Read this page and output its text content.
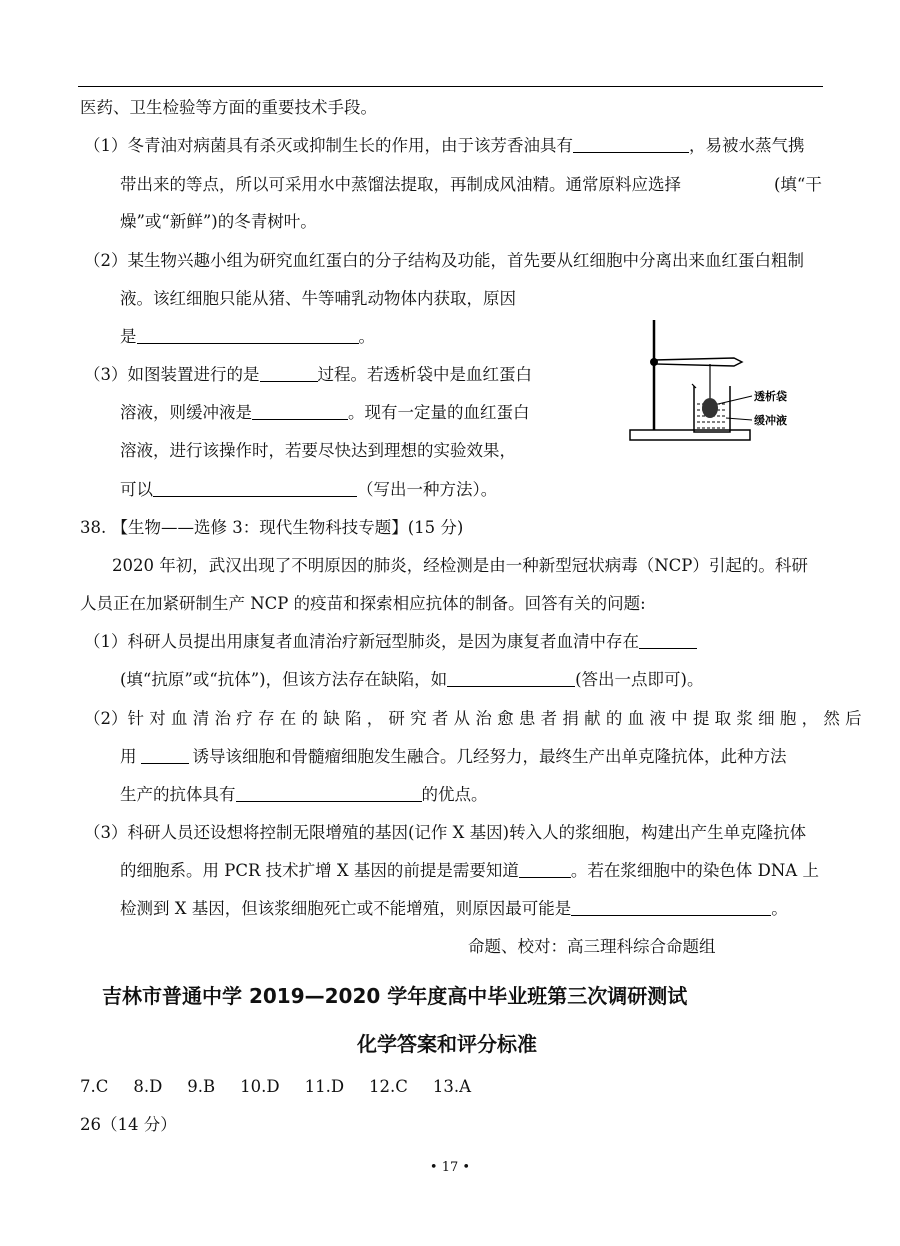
医药、卫生检验等方面的重要技术手段。
（1）冬青油对病菌具有杀灭或抑制生长的作用，由于该芳香油具有	，易被水蒸气携
带出来的等点，所以可采用水中蒸馏法提取，再制成风油精。通常原料应选择	(填“干
燥”或“新鲜”)的冬青树叶。
（2）某生物兴趣小组为研究血红蛋白的分子结构及功能，首先要从红细胞中分离出来血红蛋白粗制
液。该红细胞只能从猪、牛等哺乳动物体内获取，原因
是	。
（3）如图装置进行的是	过程。若透析袋中是血红蛋白
溶液，则缓冲液是	。现有一定量的血红蛋白
溶液，进行该操作时，若要尽快达到理想的实验效果，
可以	（写出一种方法）。
透析袋
缓冲液
38. 【生物——选修 3：现代生物科技专题】(15 分)
2020 年初，武汉出现了不明原因的肺炎，经检测是由一种新型冠状病毒（NCP）引起的。科研
人员正在加紧研制生产 NCP 的疫苗和探索相应抗体的制备。回答有关的问题:
（1）科研人员提出用康复者血清治疗新冠型肺炎，是因为康复者血清中存在
(填“抗原”或“抗体”)，但该方法存在缺陷，如	(答出一点即可)。
（2）针 对 血 清 治 疗 存 在 的 缺 陷 ， 研 究 者 从 治 愈 患 者 捐 献 的 血 液 中 提 取 浆 细 胞 ， 然 后
用	诱导该细胞和骨髓瘤细胞发生融合。几经努力，最终生产出单克隆抗体，此种方法
生产的抗体具有	的优点。
（3）科研人员还设想将控制无限增殖的基因(记作 X 基因)转入人的浆细胞，构建出产生单克隆抗体
的细胞系。用 PCR 技术扩增 X 基因的前提是需要知道	。若在浆细胞中的染色体 DNA 上
检测到 X 基因，但该浆细胞死亡或不能增殖，则原因最可能是	。
命题、校对：高三理科综合命题组
吉林市普通中学 2019—2020 学年度高中毕业班第三次调研测试
化学答案和评分标准
7.C    8.D    9.B    10.D    11.D    12.C    13.A
26（14 分）
• 17 •
